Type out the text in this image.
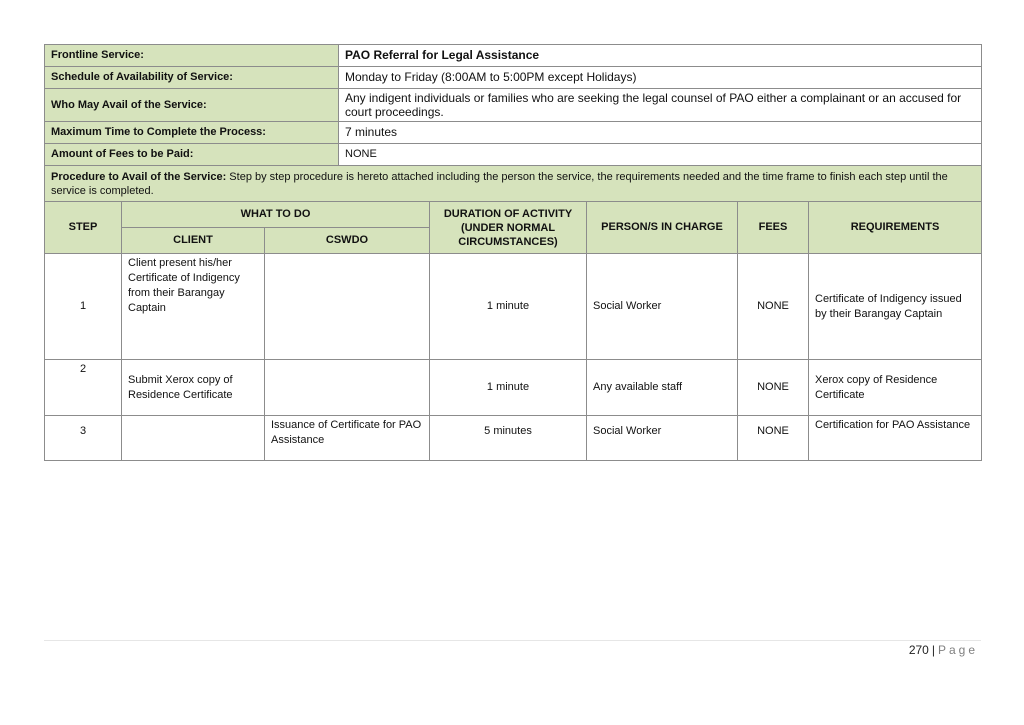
Frontline Service:	PAO Referral for Legal Assistance
Schedule of Availability of Service:	Monday to Friday (8:00AM to 5:00PM except Holidays)
Who May Avail of the Service:	Any indigent individuals or families who are seeking the legal counsel of PAO either a complainant or an accused for court proceedings.
Maximum Time to Complete the Process:	7 minutes
Amount of Fees to be Paid:	NONE
Procedure to Avail of the Service: Step by step procedure is hereto attached including the person the service, the requirements needed and the time frame to finish each step until the service is completed.	
STEP	WHAT TO DO		DURATION OF ACTIVITY (UNDER NORMAL CIRCUMSTANCES)	PERSON/S IN CHARGE	FEES	REQUIREMENTS
	CLIENT	CSWDO				
1	Client present his/her Certificate of Indigency from their Barangay Captain		1 minute	Social Worker	NONE	Certificate of Indigency issued by their Barangay Captain
2	Submit Xerox copy of Residence Certificate		1 minute	Any available staff	NONE	Xerox copy of Residence Certificate
3		Issuance of Certificate for PAO Assistance	5 minutes	Social Worker	NONE	Certification for PAO Assistance
270 | Page
